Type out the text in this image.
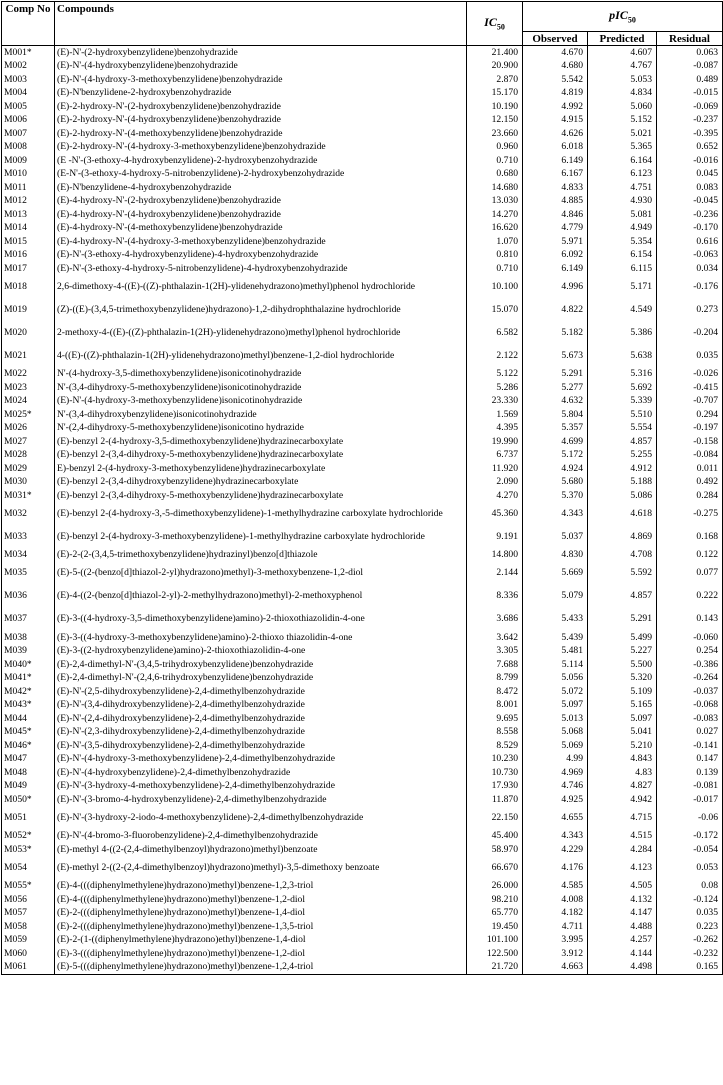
Comp No	Compounds	$IC_{50}$	pIC$_{50}$
			Observed	Predicted	Residual
M001*	(E)-N'-(2-hydroxybenzylidene)benzohydrazide	21.400	4.670	4.607	0.063
M002	(E)-N'-(4-hydroxybenzylidene)benzohydrazide	20.900	4.680	4.767	-0.087
M003	(E)-N'-(4-hydroxy-3-methoxybenzylidene)benzohydrazide	2.870	5.542	5.053	0.489
M004	(E)-N'benzylidene-2-hydroxybenzohydrazide	15.170	4.819	4.834	-0.015
M005	(E)-2-hydroxy-N'-(2-hydroxybenzylidene)benzohydrazide	10.190	4.992	5.060	-0.069
M006	(E)-2-hydroxy-N'-(4-hydroxybenzylidene)benzohydrazide	12.150	4.915	5.152	-0.237
M007	(E)-2-hydroxy-N'-(4-methoxybenzylidene)benzohydrazide	23.660	4.626	5.021	-0.395
M008	(E)-2-hydroxy-N'-(4-hydroxy-3-methoxybenzylidene)benzohydrazide	0.960	6.018	5.365	0.652
M009	(E -N'-(3-ethoxy-4-hydroxybenzylidene)-2-hydroxybenzohydrazide	0.710	6.149	6.164	-0.016
M010	(E-N'-(3-ethoxy-4-hydroxy-5-nitrobenzylidene)-2-hydroxybenzohydrazide	0.680	6.167	6.123	0.045
M011	(E)-N'benzylidene-4-hydroxybenzohydrazide	14.680	4.833	4.751	0.083
M012	(E)-4-hydroxy-N'-(2-hydroxybenzylidene)benzohydrazide	13.030	4.885	4.930	-0.045
M013	(E)-4-hydroxy-N'-(4-hydroxybenzylidene)benzohydrazide	14.270	4.846	5.081	-0.236
M014	(E)-4-hydroxy-N'-(4-methoxybenzylidene)benzohydrazide	16.620	4.779	4.949	-0.170
M015	(E)-4-hydroxy-N'-(4-hydroxy-3-methoxybenzylidene)benzohydrazide	1.070	5.971	5.354	0.616
M016	(E)-N'-(3-ethoxy-4-hydroxybenzylidene)-4-hydroxybenzohydrazide	0.810	6.092	6.154	-0.063
M017	(E)-N'-(3-ethoxy-4-hydroxy-5-nitrobenzylidene)-4-hydroxybenzohydrazide	0.710	6.149	6.115	0.034
M018	2,6-dimethoxy-4-((E)-((Z)-phthalazin-1(2H)-ylidenehydrazono)methyl)phenol hydrochloride	10.100	4.996	5.171	-0.176
M019	(Z)-((E)-(3,4,5-trimethoxybenzylidene)hydrazono)-1,2-dihydrophthalazine hydrochloride	15.070	4.822	4.549	0.273
M020	2-methoxy-4-((E)-((Z)-phthalazin-1(2H)-ylidenehydrazono)methyl)phenol hydrochloride	6.582	5.182	5.386	-0.204
M021	4-((E)-((Z)-phthalazin-1(2H)-ylidenehydrazono)methyl)benzene-1,2-diol hydrochloride	2.122	5.673	5.638	0.035
M022	N'-(4-hydroxy-3,5-dimethoxybenzylidene)isonicotinohydrazide	5.122	5.291	5.316	-0.026
M023	N'-(3,4-dihydroxy-5-methoxybenzylidene)isonicotinohydrazide	5.286	5.277	5.692	-0.415
M024	(E)-N'-(4-hydroxy-3-methoxybenzylidene)isonicotinohydrazide	23.330	4.632	5.339	-0.707
M025*	N'-(3,4-dihydroxybenzylidene)isonicotinohydrazide	1.569	5.804	5.510	0.294
M026	N'-(2,4-dihydroxy-5-methoxybenzylidene)isonicotino hydrazide	4.395	5.357	5.554	-0.197
M027	(E)-benzyl 2-(4-hydroxy-3,5-dimethoxybenzylidene)hydrazinecarboxylate	19.990	4.699	4.857	-0.158
M028	(E)-benzyl 2-(3,4-dihydroxy-5-methoxybenzylidene)hydrazinecarboxylate	6.737	5.172	5.255	-0.084
M029	E)-benzyl 2-(4-hydroxy-3-methoxybenzylidene)hydrazinecarboxylate	11.920	4.924	4.912	0.011
M030	(E)-benzyl 2-(3,4-dihydroxybenzylidene)hydrazinecarboxylate	2.090	5.680	5.188	0.492
M031*	(E)-benzyl 2-(3,4-dihydroxy-5-methoxybenzylidene)hydrazinecarboxylate	4.270	5.370	5.086	0.284
M032	(E)-benzyl 2-(4-hydroxy-3,-5-dimethoxybenzylidene)-1-methylhydrazine carboxylate hydrochloride	45.360	4.343	4.618	-0.275
M033	(E)-benzyl 2-(4-hydroxy-3-methoxybenzylidene)-1-methylhydrazine carboxylate hydrochloride	9.191	5.037	4.869	0.168
M034	(E)-2-(2-(3,4,5-trimethoxybenzylidene)hydrazinyl)benzo[d]thiazole	14.800	4.830	4.708	0.122
M035	(E)-5-((2-(benzo[d]thiazol-2-yl)hydrazono)methyl)-3-methoxybenzene-1,2-diol	2.144	5.669	5.592	0.077
M036	(E)-4-((2-(benzo[d]thiazol-2-yl)-2-methylhydrazono)methyl)-2-methoxyphenol	8.336	5.079	4.857	0.222
M037	(E)-3-((4-hydroxy-3,5-dimethoxybenzylidene)amino)-2-thioxothiazolidin-4-one	3.686	5.433	5.291	0.143
M038	(E)-3-((4-hydroxy-3-methoxybenzylidene)amino)-2-thioxo thiazolidin-4-one	3.642	5.439	5.499	-0.060
M039	(E)-3-((2-hydroxybenzylidene)amino)-2-thioxothiazolidin-4-one	3.305	5.481	5.227	0.254
M040*	(E)-2,4-dimethyl-N'-(3,4,5-trihydroxybenzylidene)benzohydrazide	7.688	5.114	5.500	-0.386
M041*	(E)-2,4-dimethyl-N'-(2,4,6-trihydroxybenzylidene)benzohydrazide	8.799	5.056	5.320	-0.264
M042*	(E)-N'-(2,5-dihydroxybenzylidene)-2,4-dimethylbenzohydrazide	8.472	5.072	5.109	-0.037
M043*	(E)-N'-(3,4-dihydroxybenzylidene)-2,4-dimethylbenzohydrazide	8.001	5.097	5.165	-0.068
M044	(E)-N'-(2,4-dihydroxybenzylidene)-2,4-dimethylbenzohydrazide	9.695	5.013	5.097	-0.083
M045*	(E)-N'-(2,3-dihydroxybenzylidene)-2,4-dimethylbenzohydrazide	8.558	5.068	5.041	0.027
M046*	(E)-N'-(3,5-dihydroxybenzylidene)-2,4-dimethylbenzohydrazide	8.529	5.069	5.210	-0.141
M047	(E)-N'-(4-hydroxy-3-methoxybenzylidene)-2,4-dimethylbenzohydrazide	10.230	4.99	4.843	0.147
M048	(E)-N'-(4-hydroxybenzylidene)-2,4-dimethylbenzohydrazide	10.730	4.969	4.83	0.139
M049	(E)-N'-(3-hydroxy-4-methoxybenzylidene)-2,4-dimethylbenzohydrazide	17.930	4.746	4.827	-0.081
M050*	(E)-N'-(3-bromo-4-hydroxybenzylidene)-2,4-dimethylbenzohydrazide	11.870	4.925	4.942	-0.017
M051	(E)-N'-(3-hydroxy-2-iodo-4-methoxybenzylidene)-2,4-dimethylbenzohydrazide	22.150	4.655	4.715	-0.06
M052*	(E)-N'-(4-bromo-3-fluorobenzylidene)-2,4-dimethylbenzohydrazide	45.400	4.343	4.515	-0.172
M053*	(E)-methyl 4-((2-(2,4-dimethylbenzoyl)hydrazono)methyl)benzoate	58.970	4.229	4.284	-0.054
M054	(E)-methyl 2-((2-(2,4-dimethylbenzoyl)hydrazono)methyl)-3,5-dimethoxy benzoate	66.670	4.176	4.123	0.053
M055*	(E)-4-(((diphenylmethylene)hydrazono)methyl)benzene-1,2,3-triol	26.000	4.585	4.505	0.08
M056	(E)-4-(((diphenylmethylene)hydrazono)methyl)benzene-1,2-diol	98.210	4.008	4.132	-0.124
M057	(E)-2-(((diphenylmethylene)hydrazono)methyl)benzene-1,4-diol	65.770	4.182	4.147	0.035
M058	(E)-2-(((diphenylmethylene)hydrazono)methyl)benzene-1,3,5-triol	19.450	4.711	4.488	0.223
M059	(E)-2-(1-((diphenylmethylene)hydrazono)ethyl)benzene-1,4-diol	101.100	3.995	4.257	-0.262
M060	(E)-3-(((diphenylmethylene)hydrazono)methyl)benzene-1,2-diol	122.500	3.912	4.144	-0.232
M061	(E)-5-(((diphenylmethylene)hydrazono)methyl)benzene-1,2,4-triol	21.720	4.663	4.498	0.165
